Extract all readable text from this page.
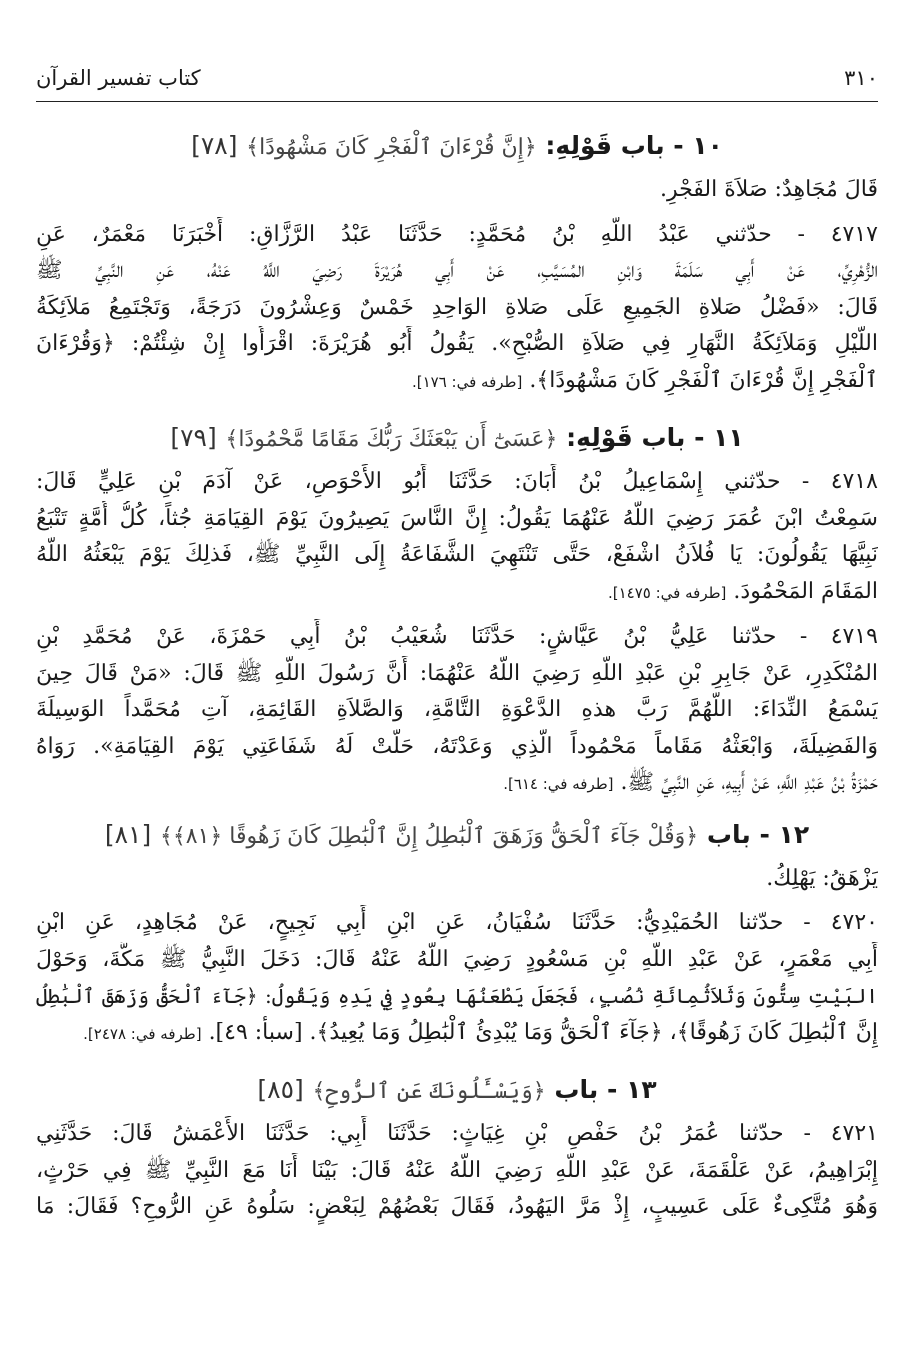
٣١٠
كتاب تفسير القرآن
١٠ - باب قَوْلِهِ: ﴿إِنَّ قُرْءَانَ ٱلْفَجْرِ كَانَ مَشْهُودًا﴾ [٧٨]
قَالَ مُجَاهِدٌ: صَلاَةَ الفَجْرِ.
٤٧١٧ - حدّثني عَبْدُ اللَّهِ بْنُ مُحَمَّدٍ: حَدَّثَنَا عَبْدُ الرَّزَّاقِ: أَخْبَرَنَا مَعْمَرٌ، عَنِ
الزُّهْرِيِّ، عَنْ أَبِي سَلَمَةَ وَابْنِ المُسَيَّبِ، عَنْ أَبِي هُرَيْرَةَ رَضِيَ اللَّهُ عَنْهُ، عَنِ النَّبِيِّ ﷺ
قَالَ: «فَضْلُ صَلاةِ الجَمِيعِ عَلَى صَلاةِ الوَاحِدِ خَمْسٌ وَعِشْرُونَ دَرَجَةً، وَتَجْتَمِعُ مَلاَئِكَةُ
اللَّيْلِ وَمَلاَئِكَةُ النَّهَارِ فِي صَلاَةِ الصُّبْحِ». يَقُولُ أَبُو هُرَيْرَةَ: اقْرَأُوا إِنْ شِئْتُمْ: ﴿وَقُرْءَانَ
ٱلْفَجْرِ إِنَّ قُرْءَانَ ٱلْفَجْرِ كَانَ مَشْهُودًا﴾. [طرفه في: ١٧٦].
١١ - باب قَوْلِهِ: ﴿عَسَىٰٓ أَن يَبْعَثَكَ رَبُّكَ مَقَامًا مَّحْمُودًا﴾ [٧٩]
٤٧١٨ - حدّثني إِسْمَاعِيلُ بْنُ أَبَانَ: حَدَّثَنَا أَبُو الأَحْوَصِ، عَنْ آدَمَ بْنِ عَلِيٍّ قَالَ:
سَمِعْتُ ابْنَ عُمَرَ رَضِيَ اللَّهُ عَنْهُمَا يَقُولُ: إِنَّ النَّاسَ يَصِيرُونَ يَوْمَ القِيَامَةِ جُثاً، كُلُّ أُمَّةٍ تَتْبَعُ
نَبِيَّهَا يَقُولُونَ: يَا فُلاَنُ اشْفَعْ، حَتَّى تَنْتَهِيَ الشَّفَاعَةُ إِلَى النَّبِيِّ ﷺ، فَذلِكَ يَوْمَ يَبْعَثُهُ اللَّهُ
المَقَامَ المَحْمُودَ. [طرفه في: ١٤٧٥].
٤٧١٩ - حدّثنا عَلِيُّ بْنُ عَيَّاشٍ: حَدَّثَنَا شُعَيْبُ بْنُ أَبِي حَمْزَةَ، عَنْ مُحَمَّدِ بْنِ
المُنْكَدِرِ، عَنْ جَابِرِ بْنِ عَبْدِ اللَّهِ رَضِيَ اللَّهُ عَنْهُمَا: أَنَّ رَسُولَ اللَّهِ ﷺ قَالَ: «مَنْ قَالَ حِينَ
يَسْمَعُ النِّدَاءَ: اللَّهُمَّ رَبَّ هذهِ الدَّعْوَةِ التَّامَّةِ، وَالصَّلاَةِ القَائِمَةِ، آتِ مُحَمَّداً الوَسِيلَةَ
وَالفَضِيلَةَ، وَابْعَثْهُ مَقَاماً مَحْمُوداً الَّذِي وَعَدْتَهُ، حَلَّتْ لَهُ شَفَاعَتِي يَوْمَ القِيَامَةِ». رَوَاهُ
حَمْزَةُ بْنُ عَبْدِ اللَّهِ، عَنْ أَبِيهِ، عَنِ النَّبِيِّ ﷺ. [طرفه في: ٦١٤].
١٢ - باب ﴿وَقُلْ جَآءَ ٱلْحَقُّ وَزَهَقَ ٱلْبَٰطِلُ إِنَّ ٱلْبَٰطِلَ كَانَ زَهُوقًا ﴿٨١﴾﴾ [٨١]
يَزْهَقُ: يَهْلِكُ.
٤٧٢٠ - حدّثنا الحُمَيْدِيُّ: حَدَّثَنَا سُفْيَانُ، عَنِ ابْنِ أَبِي نَجِيحٍ، عَنْ مُجَاهِدٍ، عَنِ ابْنِ
أَبِي مَعْمَرٍ، عَنْ عَبْدِ اللَّهِ بْنِ مَسْعُودٍ رَضِيَ اللَّهُ عَنْهُ قَالَ: دَخَلَ النَّبِيُّ ﷺ مَكَّةَ، وَحَوْلَ
البَيْتِ سِتُّونَ وَثَلاَثُمِائَةِ نُصُبٍ، فَجَعَلَ يَطْعَنُهَا بِعُودٍ فِي يَدِهِ وَيَقُولُ: ﴿جَآءَ ٱلْحَقُّ وَزَهَقَ ٱلْبَٰطِلُ
إِنَّ ٱلْبَٰطِلَ كَانَ زَهُوقًا﴾، ﴿جَآءَ ٱلْحَقُّ وَمَا يُبْدِئُ ٱلْبَٰطِلُ وَمَا يُعِيدُ﴾. [سبأ: ٤٩]. [طرفه في: ٢٤٧٨].
١٣ - باب ﴿وَيَسْـَٔلُونَكَ عَنِ ٱلرُّوحِ﴾ [٨٥]
٤٧٢١ - حدّثنا عُمَرُ بْنُ حَفْصِ بْنِ غِيَاثٍ: حَدَّثَنَا أَبِي: حَدَّثَنَا الأَعْمَشُ قَالَ: حَدَّثَنِي
إِبْرَاهِيمُ، عَنْ عَلْقَمَةَ، عَنْ عَبْدِ اللَّهِ رَضِيَ اللَّهُ عَنْهُ قَالَ: بَيْنَا أَنَا مَعَ النَّبِيِّ ﷺ فِي حَرْثٍ،
وَهُوَ مُتَّكِىءٌ عَلَى عَسِيبٍ، إِذْ مَرَّ اليَهُودُ، فَقَالَ بَعْضُهُمْ لِبَعْضٍ: سَلُوهُ عَنِ الرُّوحِ؟ فَقَالَ: مَا
